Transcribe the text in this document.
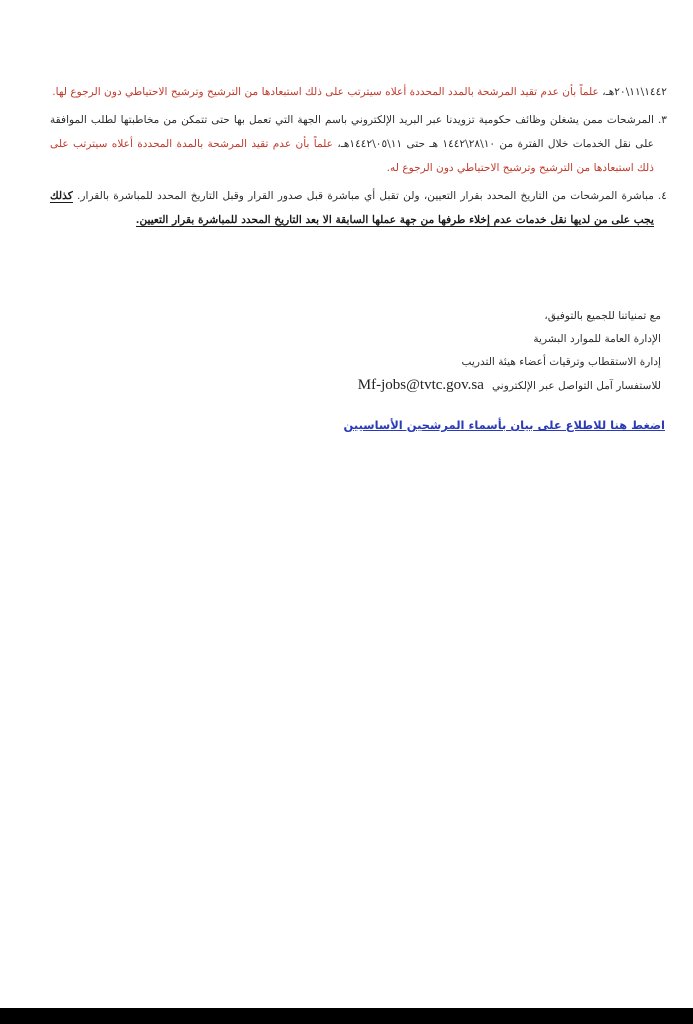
١٤٤٢\١١\٢٠هـ، علماً بأن عدم تقيد المرشحة بالمدد المحددة أعلاه سيترتب على ذلك استبعادها من الترشيح وترشيح الاحتياطي دون الرجوع لها.

٣.
المرشحات ممن يشغلن وظائف حكومية تزويدنا عبر البريد الإلكتروني باسم الجهة التي تعمل بها حتى تتمكن من مخاطبتها لطلب الموافقة على نقل الخدمات خلال الفترة من ١٠\٢٨\١٤٤٢ هـ حتى ١١\٠٥\١٤٤٢هـ، علماً بأن عدم تقيد المرشحة بالمدة المحددة أعلاه سيترتب على ذلك استبعادها من الترشيح وترشيح الاحتياطي دون الرجوع له.
٤.
مباشرة المرشحات من التاريخ المحدد بقرار التعيين، ولن تقبل أي مباشرة قبل صدور القرار وقبل التاريخ المحدد للمباشرة بالقرار. كذلك يجب على من لديها نقل خدمات عدم إخلاء طرفها من جهة عملها السابقة الا بعد التاريخ المحدد للمباشرة بقرار التعيين.
مع تمنياتنا للجميع بالتوفيق،
الإدارة العامة للموارد البشرية
إدارة الاستقطاب وترقيات أعضاء هيئة التدريب
للاستفسار آمل التواصل عبر الإلكتروني
Mf-jobs@tvtc.gov.sa
اضغط هنا للاطلاع على بيان بأسماء المرشحين الأساسيين
